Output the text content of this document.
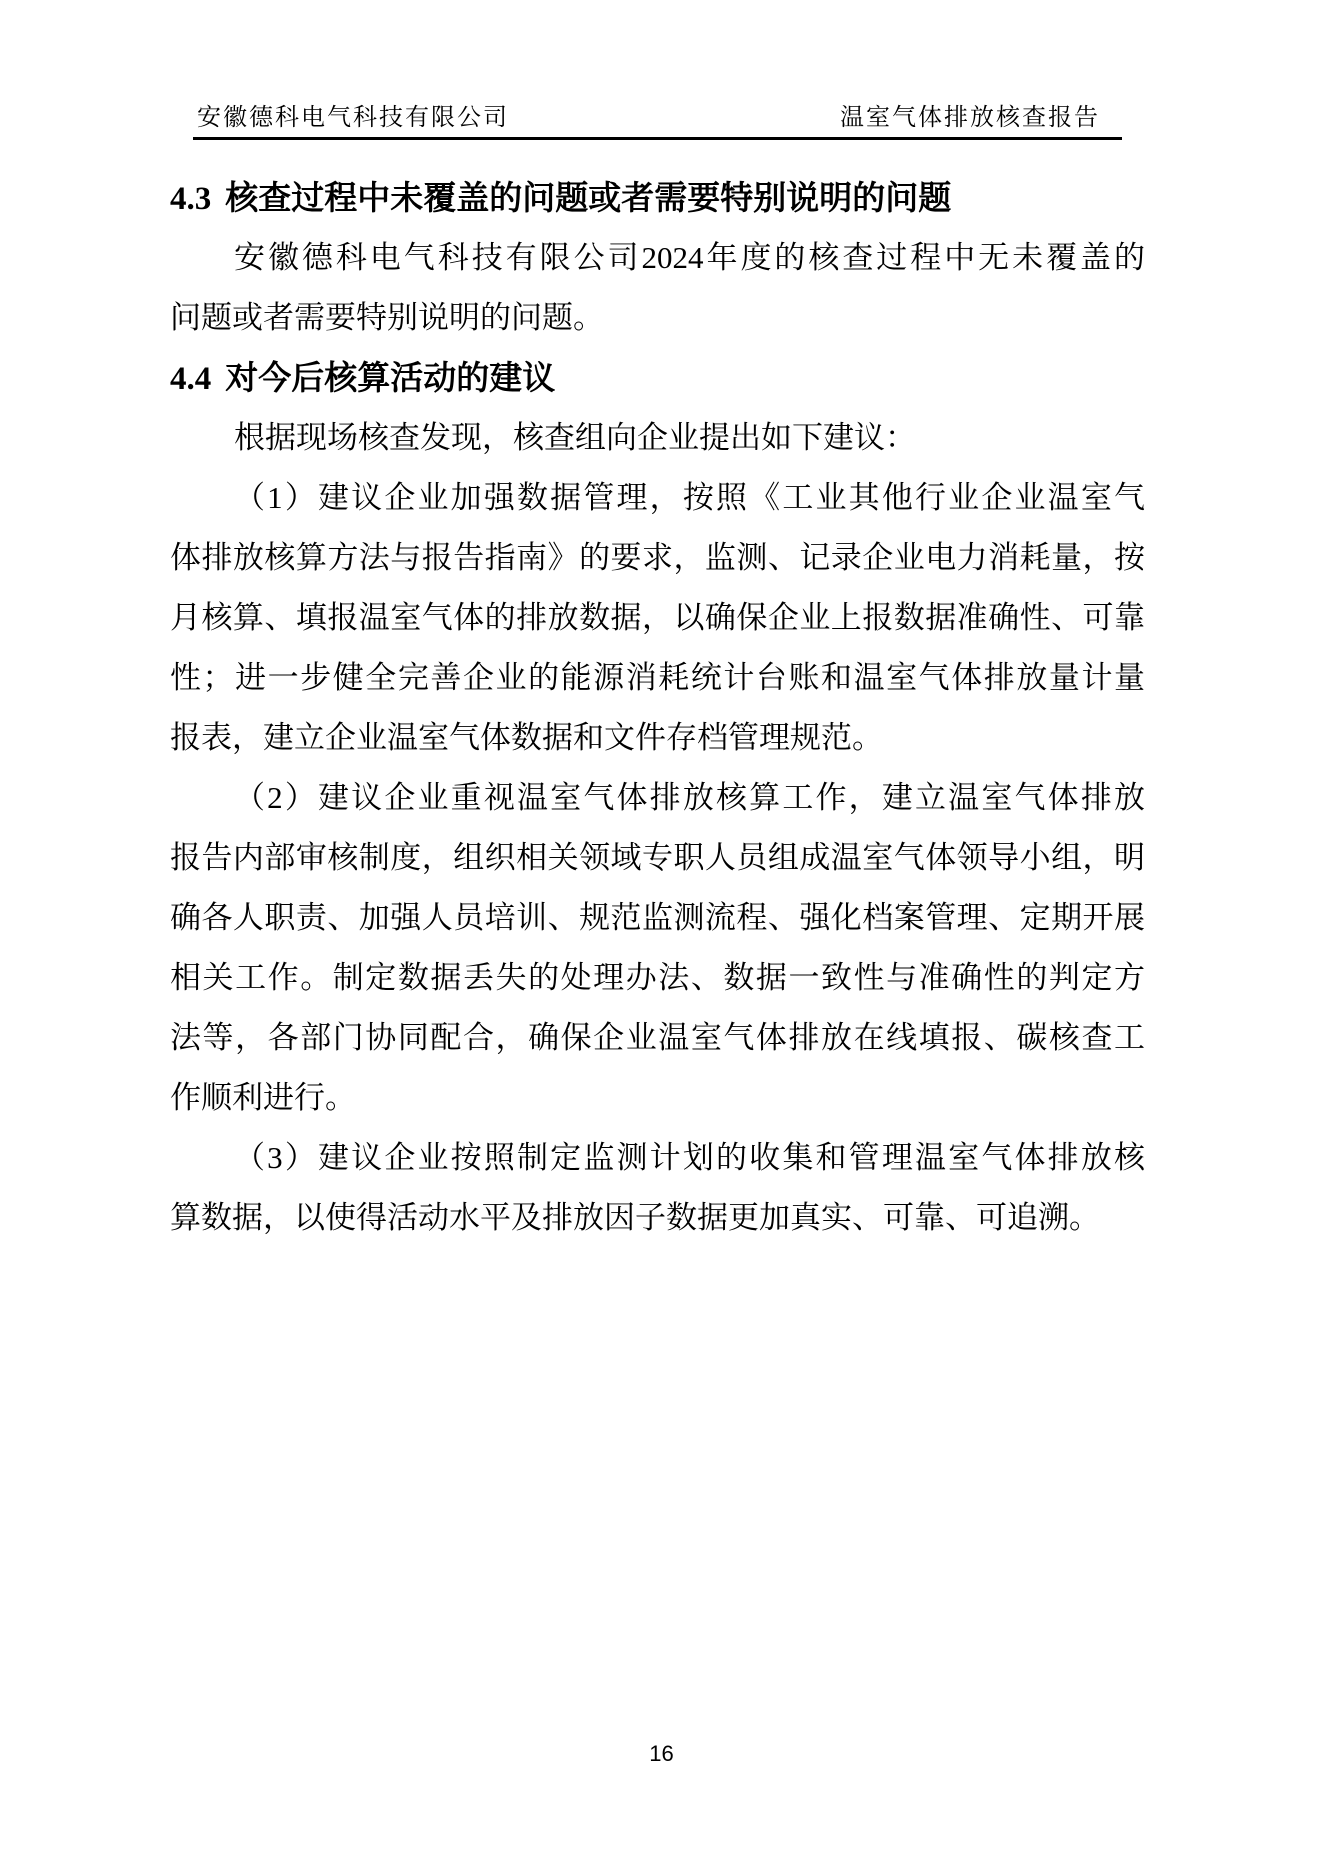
安徽德科电气科技有限公司	温室气体排放核查报告
4.3 核查过程中未覆盖的问题或者需要特别说明的问题
安徽德科电气科技有限公司2024年度的核查过程中无未覆盖的
问题或者需要特别说明的问题。
4.4 对今后核算活动的建议
根据现场核查发现，核查组向企业提出如下建议：
（1）建议企业加强数据管理，按照《工业其他行业企业温室气
体排放核算方法与报告指南》的要求，监测、记录企业电力消耗量，按
月核算、填报温室气体的排放数据，以确保企业上报数据准确性、可靠
性；进一步健全完善企业的能源消耗统计台账和温室气体排放量计量
报表，建立企业温室气体数据和文件存档管理规范。
（2）建议企业重视温室气体排放核算工作，建立温室气体排放
报告内部审核制度，组织相关领域专职人员组成温室气体领导小组，明
确各人职责、加强人员培训、规范监测流程、强化档案管理、定期开展
相关工作。制定数据丢失的处理办法、数据一致性与准确性的判定方
法等，各部门协同配合，确保企业温室气体排放在线填报、碳核查工
作顺利进行。
（3）建议企业按照制定监测计划的收集和管理温室气体排放核
算数据，以使得活动水平及排放因子数据更加真实、可靠、可追溯。
16
